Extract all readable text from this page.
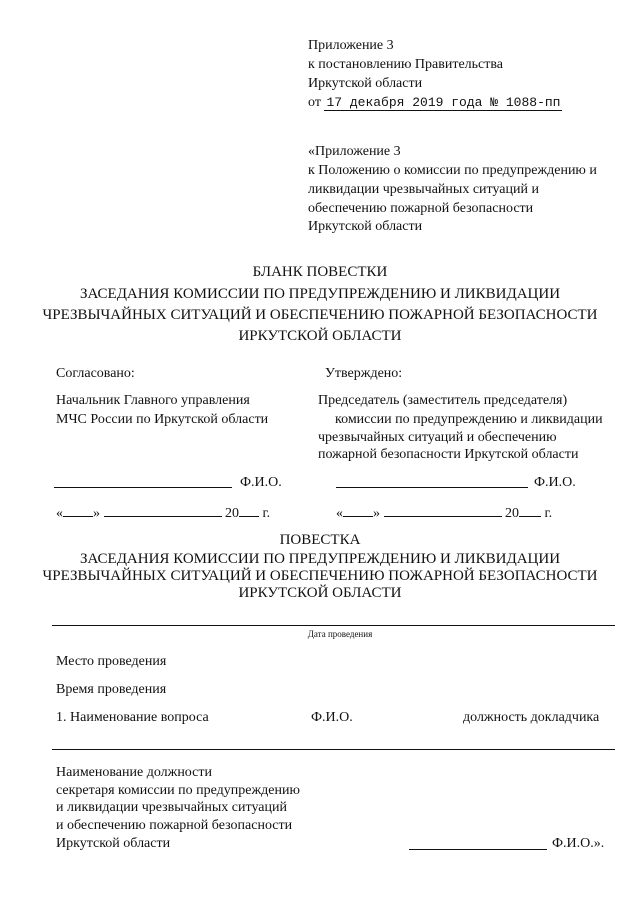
Приложение 3
к постановлению Правительства
Иркутской области
от 17 декабря 2019 года № 1088-пп
«Приложение 3
к Положению о комиссии по предупреждению и
ликвидации чрезвычайных ситуаций и
обеспечению пожарной безопасности
Иркутской области
БЛАНК ПОВЕСТКИ
ЗАСЕДАНИЯ КОМИССИИ ПО ПРЕДУПРЕЖДЕНИЮ И ЛИКВИДАЦИИ
ЧРЕЗВЫЧАЙНЫХ СИТУАЦИЙ И ОБЕСПЕЧЕНИЮ ПОЖАРНОЙ БЕЗОПАСНОСТИ
ИРКУТСКОЙ ОБЛАСТИ
Согласовано:
Начальник Главного управления
МЧС России по Иркутской области
Ф.И.О.
« »	20 г.
Утверждено:
Председатель (заместитель председателя)
комиссии по предупреждению и ликвидации
чрезвычайных ситуаций и обеспечению
пожарной безопасности Иркутской области
Ф.И.О.
« »	20 г.
ПОВЕСТКА
ЗАСЕДАНИЯ КОМИССИИ ПО ПРЕДУПРЕЖДЕНИЮ И ЛИКВИДАЦИИ
ЧРЕЗВЫЧАЙНЫХ СИТУАЦИЙ И ОБЕСПЕЧЕНИЮ ПОЖАРНОЙ БЕЗОПАСНОСТИ
ИРКУТСКОЙ ОБЛАСТИ
Дата проведения
Место проведения
Время проведения
1. Наименование вопроса	Ф.И.О.	должность докладчика
Наименование должности
секретаря комиссии по предупреждению
и ликвидации чрезвычайных ситуаций
и обеспечению пожарной безопасности
Иркутской области	Ф.И.О.».
